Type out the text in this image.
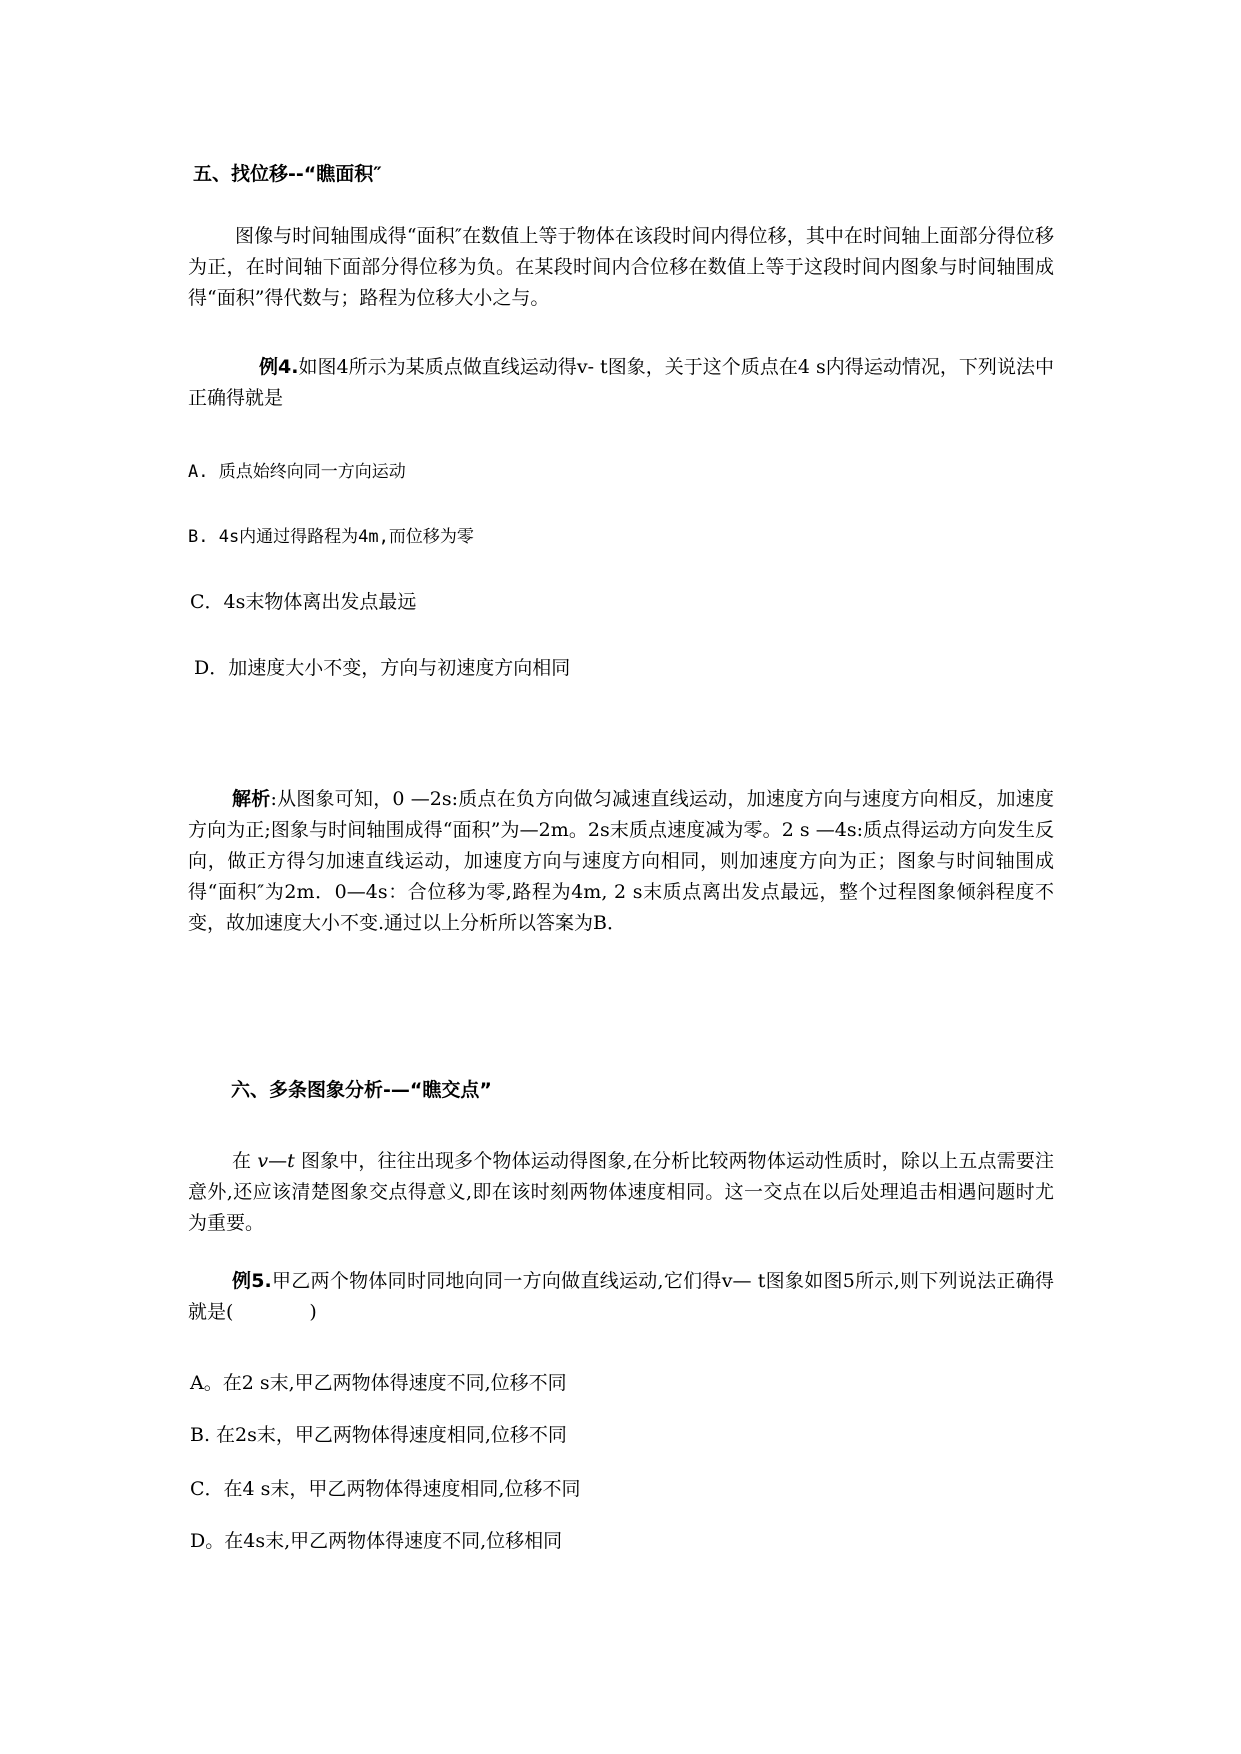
五、找位移--“瞧面积″
图像与时间轴围成得“面积″在数值上等于物体在该段时间内得位移，其中在时间轴上面部分得位移为正，在时间轴下面部分得位移为负。在某段时间内合位移在数值上等于这段时间内图象与时间轴围成得“面积”得代数与；路程为位移大小之与。
例4.如图4所示为某质点做直线运动得v- t图象，关于这个质点在4 s内得运动情况，下列说法中正确得就是
A. 质点始终向同一方向运动
B. 4s内通过得路程为4m,而位移为零
C．4s末物体离出发点最远
D．加速度大小不变，方向与初速度方向相同
解析:从图象可知，0 —2s:质点在负方向做匀减速直线运动，加速度方向与速度方向相反，加速度方向为正;图象与时间轴围成得“面积”为—2m。2s末质点速度减为零。2 s —4s:质点得运动方向发生反向，做正方得匀加速直线运动，加速度方向与速度方向相同，则加速度方向为正；图象与时间轴围成得“面积″为2m．0—4s：合位移为零,路程为4m, 2 s末质点离出发点最远，整个过程图象倾斜程度不变，故加速度大小不变.通过以上分析所以答案为B．
六、多条图象分析-—“瞧交点”
在 v—t 图象中，往往出现多个物体运动得图象,在分析比较两物体运动性质时，除以上五点需要注意外,还应该清楚图象交点得意义,即在该时刻两物体速度相同。这一交点在以后处理追击相遇问题时尤为重要。
例5.甲乙两个物体同时同地向同一方向做直线运动,它们得v— t图象如图5所示,则下列说法正确得就是(　　　　)
A。在2 s末,甲乙两物体得速度不同,位移不同
B. 在2s末，甲乙两物体得速度相同,位移不同
C．在4 s末，甲乙两物体得速度相同,位移不同
D。在4s末,甲乙两物体得速度不同,位移相同
